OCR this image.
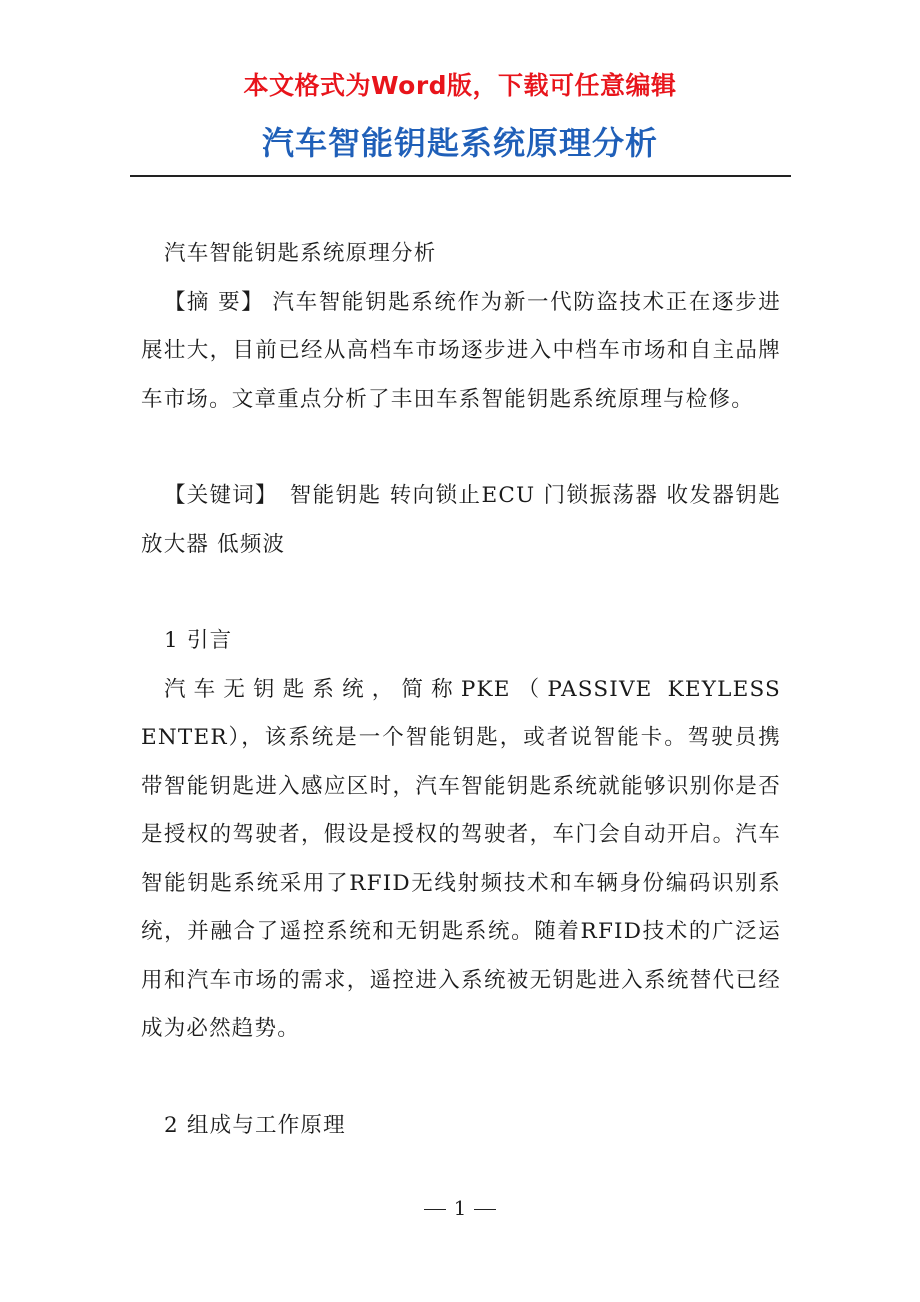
本文格式为Word版，下载可任意编辑
汽车智能钥匙系统原理分析

汽车智能钥匙系统原理分析

【摘 要】 汽车智能钥匙系统作为新一代防盗技术正在逐步进展壮大，目前已经从高档车市场逐步进入中档车市场和自主品牌车市场。文章重点分析了丰田车系智能钥匙系统原理与检修。

【关键词】 智能钥匙 转向锁止ECU 门锁振荡器 收发器钥匙放大器 低频波

1 引言

汽车无钥匙系统，简称PKE（PASSIVE KEYLESS ENTER），该系统是一个智能钥匙，或者说智能卡。驾驶员携带智能钥匙进入感应区时，汽车智能钥匙系统就能够识别你是否是授权的驾驶者，假设是授权的驾驶者，车门会自动开启。汽车智能钥匙系统采用了RFID无线射频技术和车辆身份编码识别系统，并融合了遥控系统和无钥匙系统。随着RFID技术的广泛运用和汽车市场的需求，遥控进入系统被无钥匙进入系统替代已经成为必然趋势。

2 组成与工作原理

1
